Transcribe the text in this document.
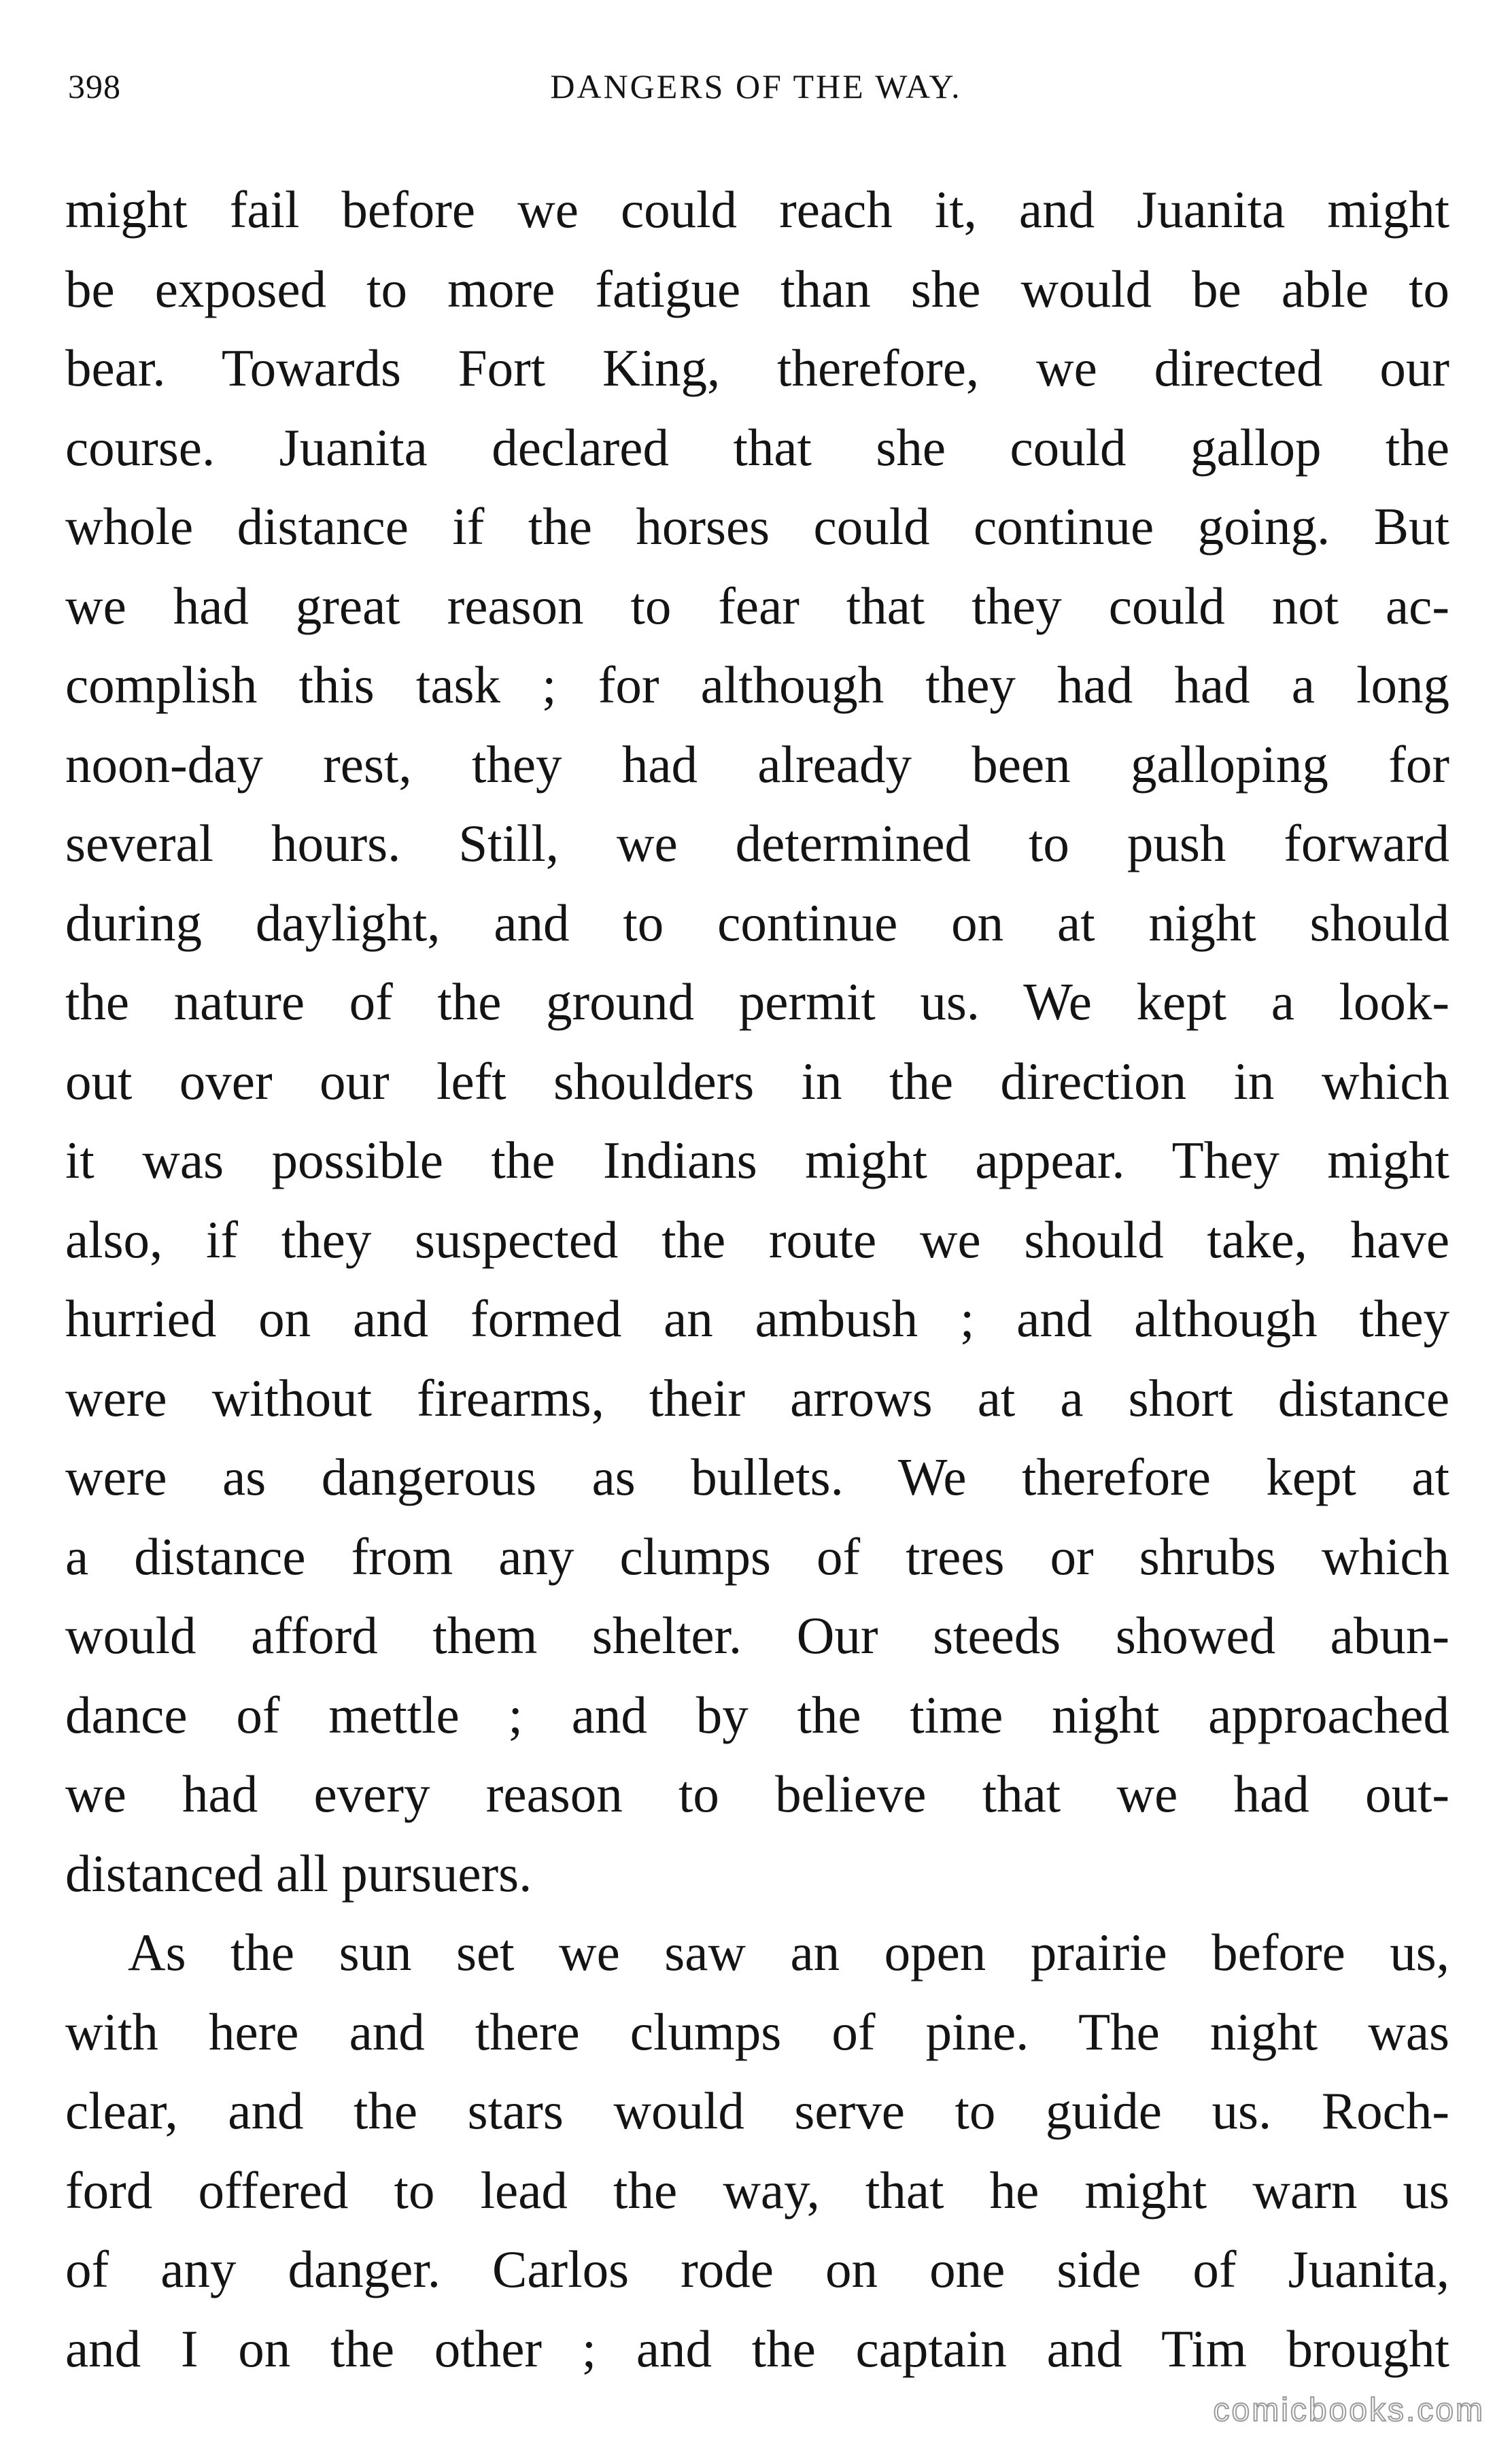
398	DANGERS OF THE WAY.
might fail before we could reach it, and Juanita might
be exposed to more fatigue than she would be able to
bear. Towards Fort King, therefore, we directed our
course. Juanita declared that she could gallop the
whole distance if the horses could continue going. But
we had great reason to fear that they could not ac-
complish this task ; for although they had had a long
noon-day rest, they had already been galloping for
several hours. Still, we determined to push forward
during daylight, and to continue on at night should
the nature of the ground permit us. We kept a look-
out over our left shoulders in the direction in which
it was possible the Indians might appear. They might
also, if they suspected the route we should take, have
hurried on and formed an ambush ; and although they
were without firearms, their arrows at a short distance
were as dangerous as bullets. We therefore kept at
a distance from any clumps of trees or shrubs which
would afford them shelter. Our steeds showed abun-
dance of mettle ; and by the time night approached
we had every reason to believe that we had out-
distanced all pursuers.
As the sun set we saw an open prairie before us,
with here and there clumps of pine. The night was
clear, and the stars would serve to guide us. Roch-
ford offered to lead the way, that he might warn us
of any danger. Carlos rode on one side of Juanita,
and I on the other ; and the captain and Tim brought
comicbooks.com
